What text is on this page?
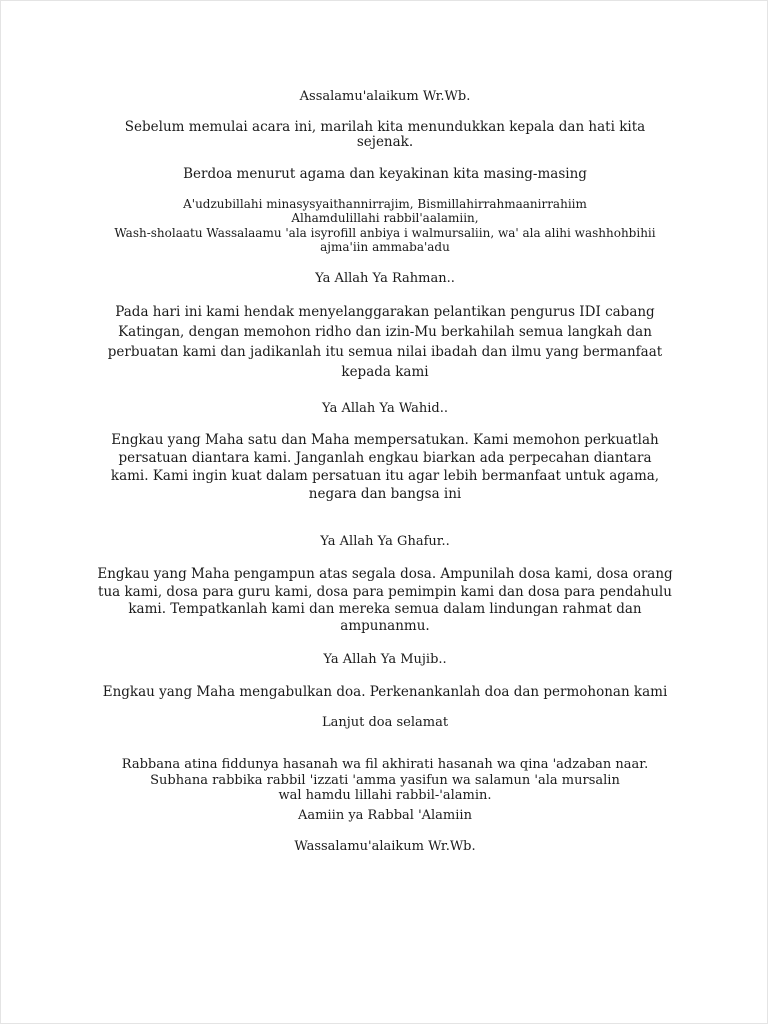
Assalamu'alaikum Wr.Wb.
Sebelum memulai acara ini, marilah kita menundukkan kepala dan hati kita
sejenak.
Berdoa menurut agama dan keyakinan kita masing-masing
A'udzubillahi minasysyaithannirrajim, Bismillahirrahmaanirrahiim
Alhamdulillahi rabbil'aalamiin,
Wash-sholaatu Wassalaamu 'ala isyrofill anbiya i walmursaliin, wa' ala alihi washhohbihii
ajma'iin ammaba'adu
Ya Allah Ya Rahman..
Pada hari ini kami hendak menyelanggarakan pelantikan pengurus IDI cabang
Katingan, dengan memohon ridho dan izin-Mu berkahilah semua langkah dan
perbuatan kami dan jadikanlah itu semua nilai ibadah dan ilmu yang bermanfaat
kepada kami
Ya Allah Ya Wahid..
Engkau yang Maha satu dan Maha mempersatukan. Kami memohon perkuatlah
persatuan diantara kami. Janganlah engkau biarkan ada perpecahan diantara
kami. Kami ingin kuat dalam persatuan itu agar lebih bermanfaat untuk agama,
negara dan bangsa ini
Ya Allah Ya Ghafur..
Engkau yang Maha pengampun atas segala dosa. Ampunilah dosa kami, dosa orang
tua kami, dosa para guru kami, dosa para pemimpin kami dan dosa para pendahulu
kami. Tempatkanlah kami dan mereka semua dalam lindungan rahmat dan
ampunanmu.
Ya Allah Ya Mujib..
Engkau yang Maha mengabulkan doa. Perkenankanlah doa dan permohonan kami
Lanjut doa selamat
Rabbana atina fiddunya hasanah wa fil akhirati hasanah wa qina 'adzaban naar.
Subhana rabbika rabbil 'izzati 'amma yasifun wa salamun 'ala mursalin
wal hamdu lillahi rabbil-'alamin.
Aamiin ya Rabbal 'Alamiin
Wassalamu'alaikum Wr.Wb.
